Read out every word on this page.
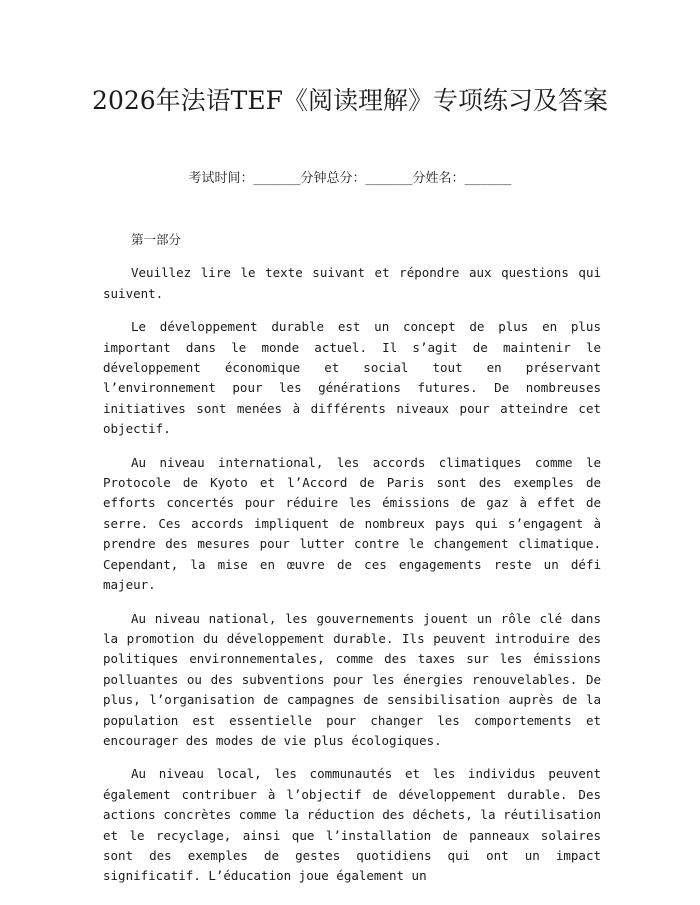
2026年法语TEF《阅读理解》专项练习及答案
考试时间：______分钟总分：______分姓名：______

第一部分

Veuillez lire le texte suivant et répondre aux questions qui suivent.

Le développement durable est un concept de plus en plus important dans le monde actuel. Il s’agit de maintenir le développement économique et social tout en préservant l’environnement pour les générations futures. De nombreuses initiatives sont menées à différents niveaux pour atteindre cet objectif.

Au niveau international, les accords climatiques comme le Protocole de Kyoto et l’Accord de Paris sont des exemples de efforts concertés pour réduire les émissions de gaz à effet de serre. Ces accords impliquent de nombreux pays qui s’engagent à prendre des mesures pour lutter contre le changement climatique. Cependant, la mise en œuvre de ces engagements reste un défi majeur.

Au niveau national, les gouvernements jouent un rôle clé dans la promotion du développement durable. Ils peuvent introduire des politiques environnementales, comme des taxes sur les émissions polluantes ou des subventions pour les énergies renouvelables. De plus, l’organisation de campagnes de sensibilisation auprès de la population est essentielle pour changer les comportements et encourager des modes de vie plus écologiques.

Au niveau local, les communautés et les individus peuvent également contribuer à l’objectif de développement durable. Des actions concrètes comme la réduction des déchets, la réutilisation et le recyclage, ainsi que l’installation de panneaux solaires sont des exemples de gestes quotidiens qui ont un impact significatif. L’éducation joue également un
